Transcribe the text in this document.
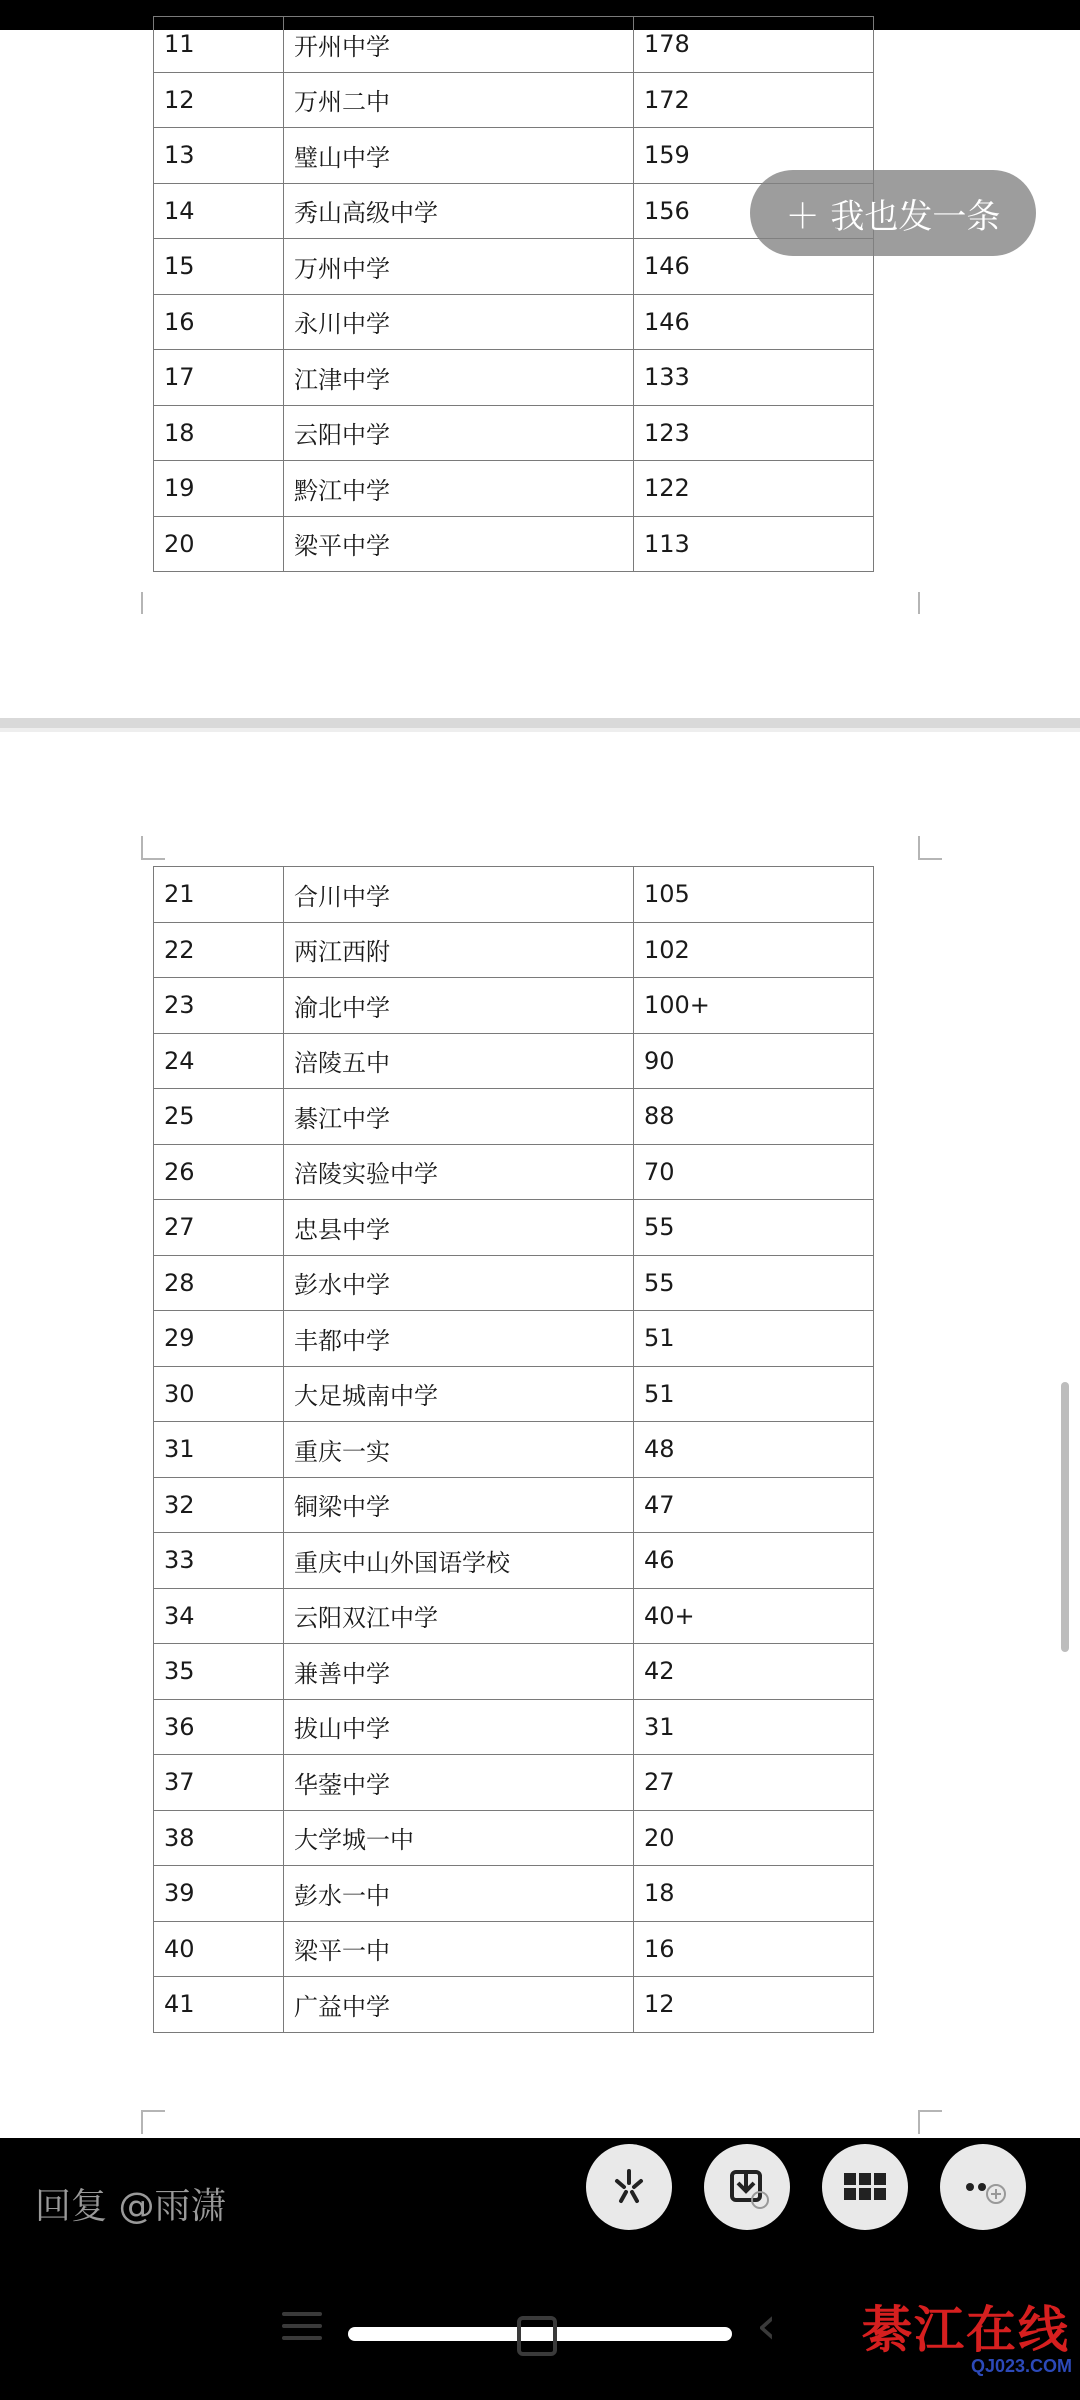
11	开州中学	178
12	万州二中	172
13	璧山中学	159
14	秀山高级中学	156
15	万州中学	146
16	永川中学	146
17	江津中学	133
18	云阳中学	123
19	黔江中学	122
20	梁平中学	113
21	合川中学	105
22	两江西附	102
23	渝北中学	100+
24	涪陵五中	90
25	綦江中学	88
26	涪陵实验中学	70
27	忠县中学	55
28	彭水中学	55
29	丰都中学	51
30	大足城南中学	51
31	重庆一实	48
32	铜梁中学	47
33	重庆中山外国语学校	46
34	云阳双江中学	40+
35	兼善中学	42
36	拔山中学	31
37	华蓥中学	27
38	大学城一中	20
39	彭水一中	18
40	梁平一中	16
41	广益中学	12
＋ 我也发一条
回复 @雨潇
‹ 綦江在线
QJ023.COM
